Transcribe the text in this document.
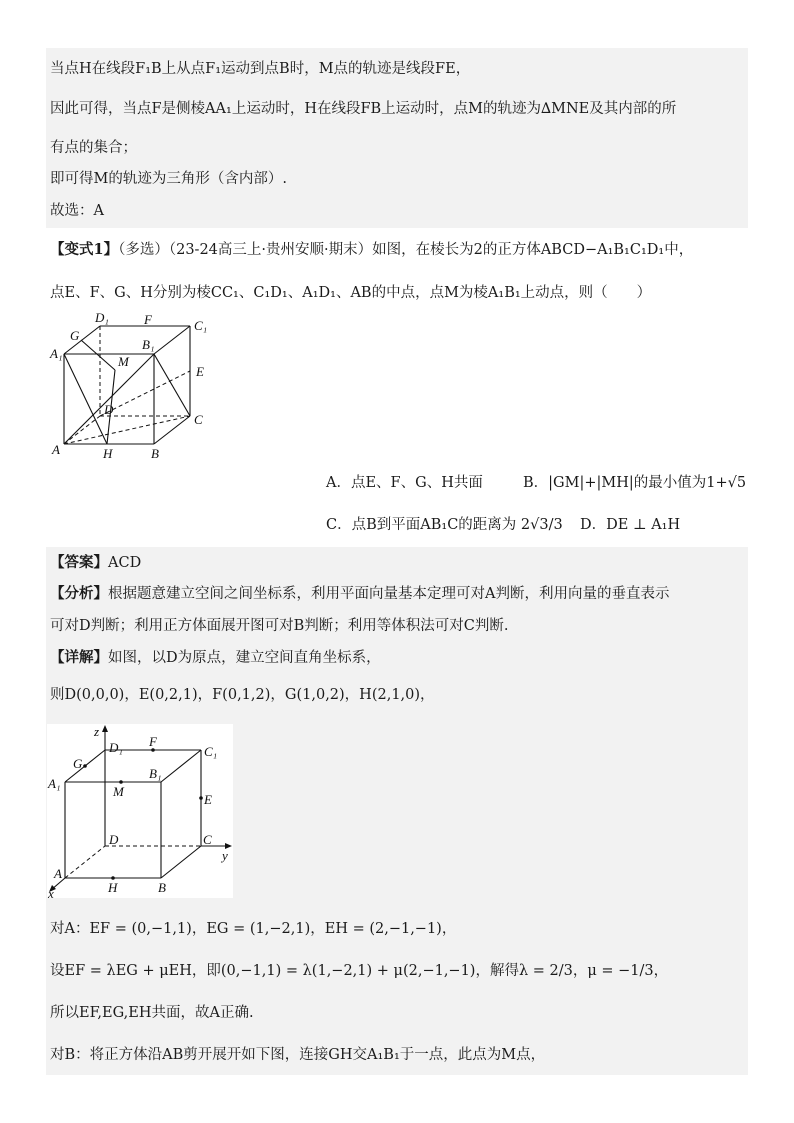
当点H在线段F₁B上从点F₁运动到点B时，M点的轨迹是线段FE，
因此可得，当点F是侧棱AA₁上运动时，H在线段FB上运动时，点M的轨迹为∆MNE及其内部的所
有点的集合；
即可得M的轨迹为三角形（含内部）.
故选：A
【变式1】（多选）（23-24高三上·贵州安顺·期末）如图，在棱长为2的正方体ABCD−A₁B₁C₁D₁中，
点E、F、G、H分别为棱CC₁、C₁D₁、A₁D₁、AB的中点，点M为棱A₁B₁上动点，则（　　）
A₁
B₁
C₁
D₁
A	B
C
D
E
F
G
H
M
A．点E、F、G、H共面	B．|GM|+|MH|的最小值为1+√5
C．点B到平面AB₁C的距离为 2√3/3 D．DE ⊥ A₁H
【答案】ACD
【分析】根据题意建立空间之间坐标系，利用平面向量基本定理可对A判断，利用向量的垂直表示
可对D判断；利用正方体面展开图可对B判断；利用等体积法可对C判断.
【详解】如图，以D为原点，建立空间直角坐标系，
则D(0,0,0)，E(0,2,1)，F(0,1,2)，G(1,0,2)，H(2,1,0)，
A₁
B₁
C₁
D₁
A
B
C
D
E
F
G
H
M
x
y
z
对A：EF = (0,−1,1)，EG = (1,−2,1)，EH = (2,−1,−1)，
设EF = λEG + μEH，即(0,−1,1) = λ(1,−2,1) + μ(2,−1,−1)，解得λ = 2/3，μ = −1/3，
所以EF,EG,EH共面，故A正确.
对B：将正方体沿AB剪开展开如下图，连接GH交A₁B₁于一点，此点为M点，
